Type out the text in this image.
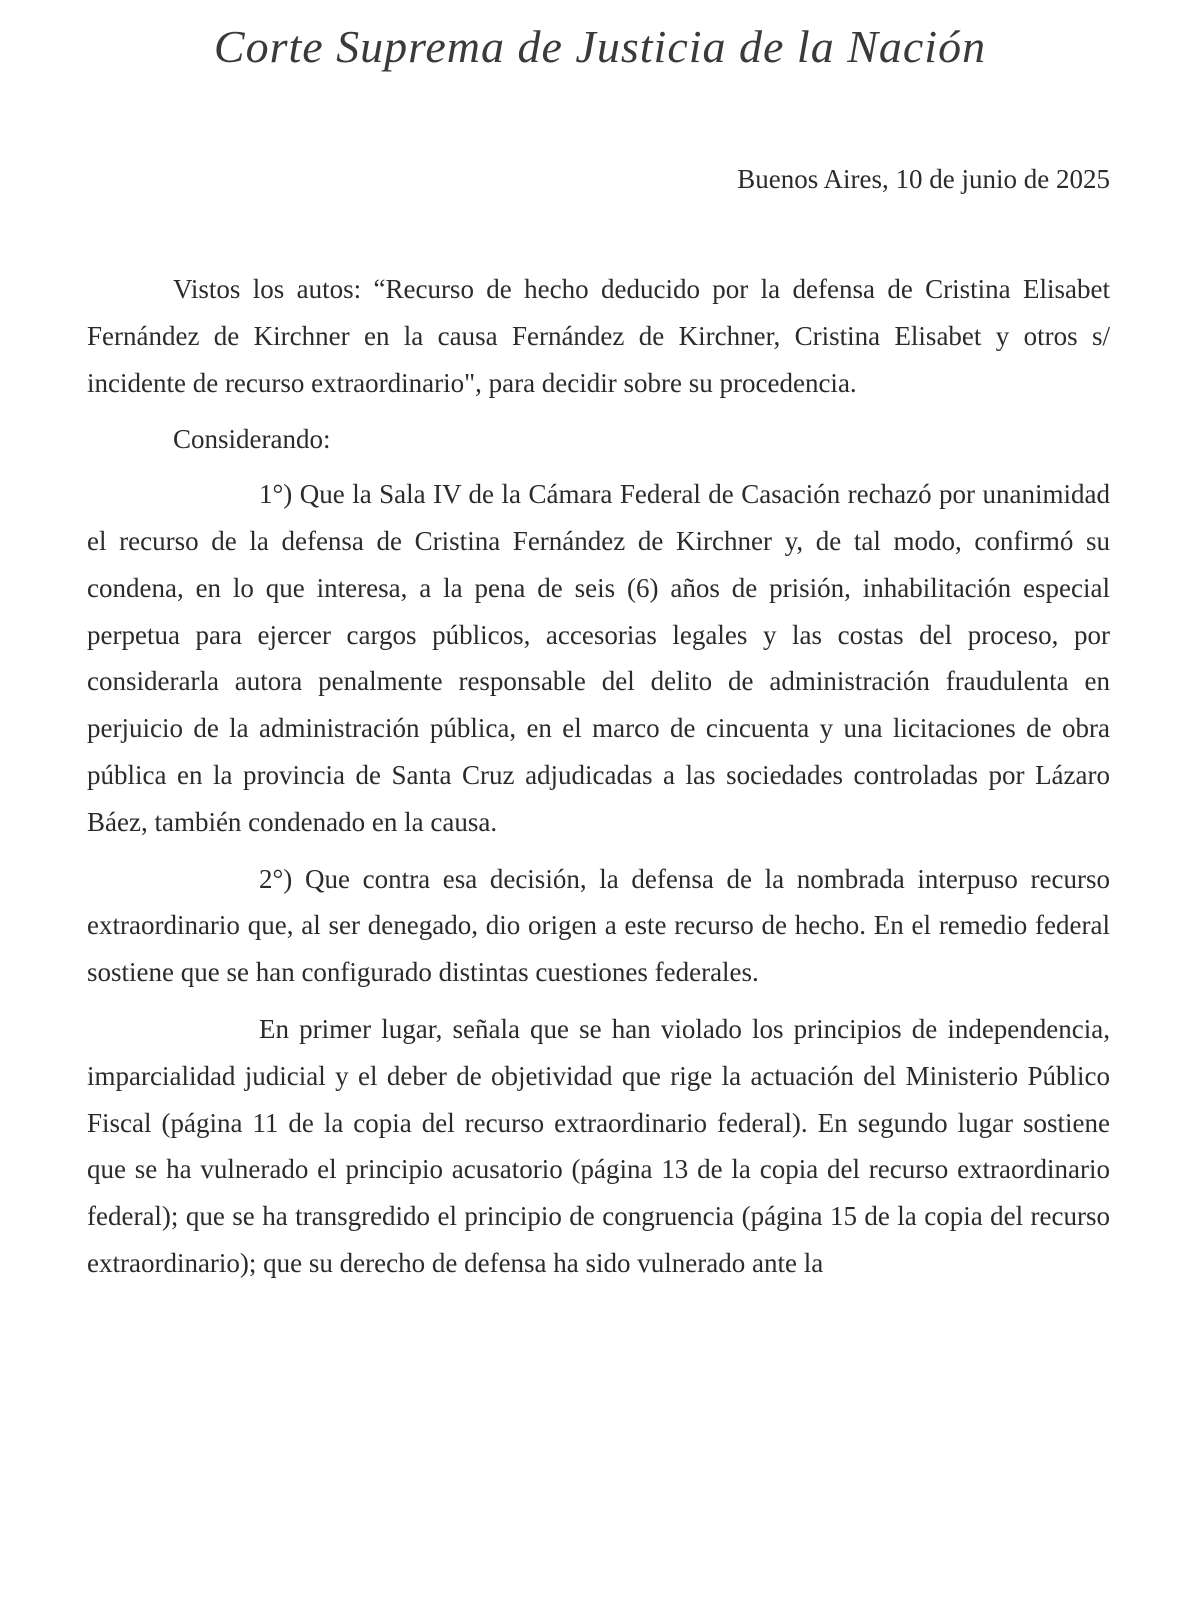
Corte Suprema de Justicia de la Nación
Buenos Aires, 10 de junio de 2025

Vistos los autos: “Recurso de hecho deducido por la defensa de Cristina Elisabet Fernández de Kirchner en la causa Fernández de Kirchner, Cristina Elisabet y otros s/ incidente de recurso extraordinario", para decidir sobre su procedencia.

Considerando:

1°) Que la Sala IV de la Cámara Federal de Casación rechazó por unanimidad el recurso de la defensa de Cristina Fernández de Kirchner y, de tal modo, confirmó su condena, en lo que interesa, a la pena de seis (6) años de prisión, inhabilitación especial perpetua para ejercer cargos públicos, accesorias legales y las costas del proceso, por considerarla autora penalmente responsable del delito de administración fraudulenta en perjuicio de la administración pública, en el marco de cincuenta y una licitaciones de obra pública en la provincia de Santa Cruz adjudicadas a las sociedades controladas por Lázaro Báez, también condenado en la causa.

2°) Que contra esa decisión, la defensa de la nombrada interpuso recurso extraordinario que, al ser denegado, dio origen a este recurso de hecho. En el remedio federal sostiene que se han configurado distintas cuestiones federales.

En primer lugar, señala que se han violado los principios de independencia, imparcialidad judicial y el deber de objetividad que rige la actuación del Ministerio Público Fiscal (página 11 de la copia del recurso extraordinario federal). En segundo lugar sostiene que se ha vulnerado el principio acusatorio (página 13 de la copia del recurso extraordinario federal); que se ha transgredido el principio de congruencia (página 15 de la copia del recurso extraordinario); que su derecho de defensa ha sido vulnerado ante la
